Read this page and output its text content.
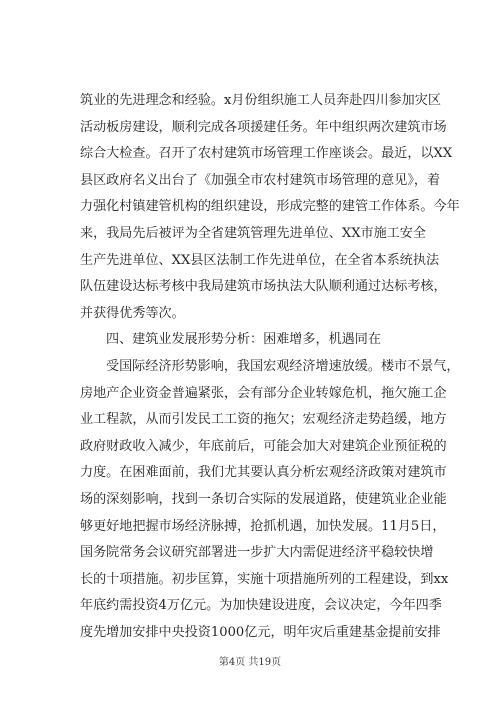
筑业的先进理念和经验。x月份组织施工人员奔赴四川参加灾区
活动板房建设，顺利完成各项援建任务。年中组织两次建筑市场
综合大检查。召开了农村建筑市场管理工作座谈会。最近，以XX
县区政府名义出台了《加强全市农村建筑市场管理的意见》，着
力强化村镇建管机构的组织建设，形成完整的建管工作体系。今年
来，我局先后被评为全省建筑管理先进单位、XX市施工安全
生产先进单位、XX县区法制工作先进单位，在全省本系统执法
队伍建设达标考核中我局建筑市场执法大队顺利通过达标考核，
并获得优秀等次。
四、建筑业发展形势分析：困难增多，机遇同在
受国际经济形势影响，我国宏观经济增速放缓。楼市不景气，
房地产企业资金普遍紧张，会有部分企业转嫁危机，拖欠施工企
业工程款，从而引发民工工资的拖欠；宏观经济走势趋缓，地方
政府财政收入减少，年底前后，可能会加大对建筑企业预征税的
力度。在困难面前，我们尤其要认真分析宏观经济政策对建筑市
场的深刻影响，找到一条切合实际的发展道路，使建筑业企业能
够更好地把握市场经济脉搏，抢抓机遇，加快发展。11月5日，
国务院常务会议研究部署进一步扩大内需促进经济平稳较快增
长的十项措施。初步匡算，实施十项措施所列的工程建设，到xx
年底约需投资4万亿元。为加快建设进度，会议决定，今年四季
度先增加安排中央投资1000亿元，明年灾后重建基金提前安排
第4页 共19页
